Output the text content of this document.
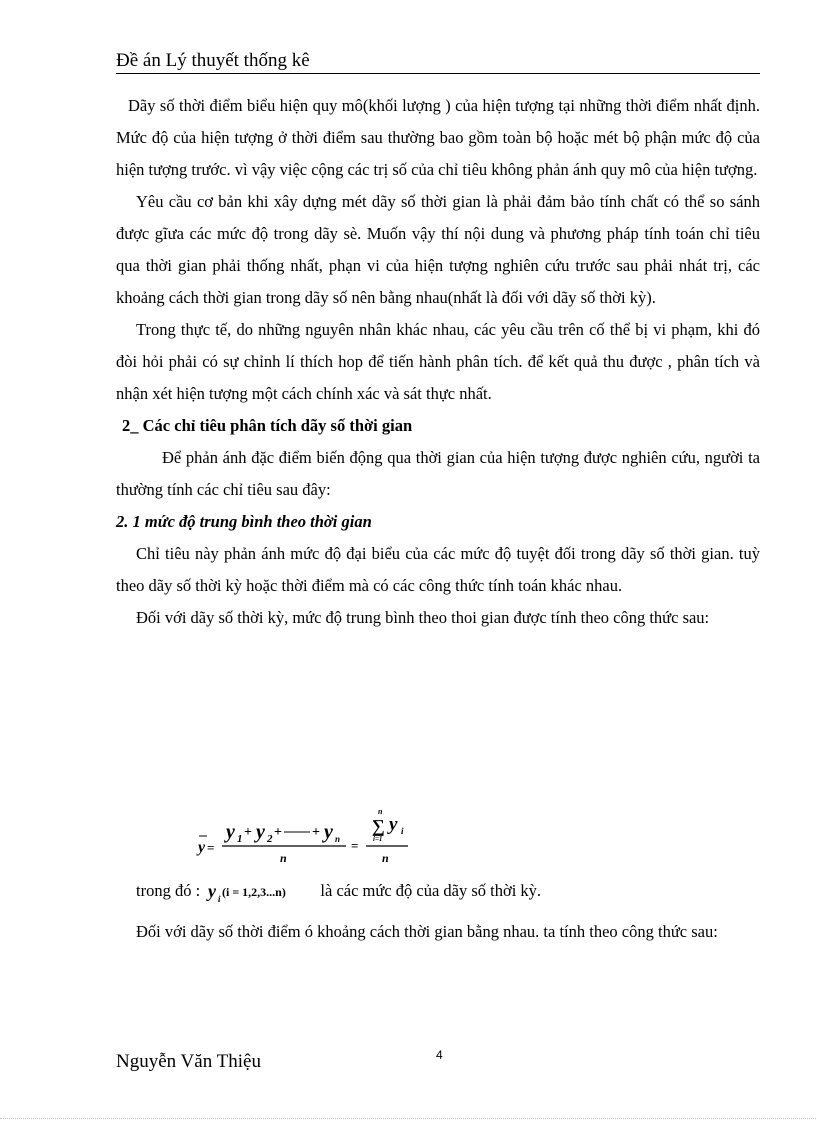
Đề án Lý thuyết thống kê

Dãy số thời điểm biểu hiện quy mô(khối lượng ) của hiện tượng tại những thời điểm nhất định. Mức độ của hiện tượng ở thời điểm sau thường bao gồm toàn bộ hoặc mét bộ phận mức độ của hiện tượng trước. vì vậy việc cộng các trị số của chỉ tiêu không phản ánh quy mô của hiện tượng.

Yêu cầu cơ bản khi xây dựng mét dãy số thời gian là phải đảm bảo tính chất có thể so sánh được gĩưa các mức độ trong dãy sè. Muốn vậy thí nội dung và phương pháp tính toán chỉ tiêu qua thời gian phải thống nhất, phạn vi của hiện tượng nghiên cứu trước sau phải nhát trị, các khoảng cách thời gian trong dãy số nên bằng nhau(nhất là đối với dãy số thời kỳ).

Trong thực tế, do những nguyên nhân khác nhau, các yêu cầu trên cố thể bị vi phạm, khi đó đòi hỏi phải có sự chỉnh lí thích hop để tiến hành phân tích. để kết quả thu được , phân tích và nhận xét hiện tượng một cách chính xác và sát thực nhất.

2_ Các chỉ tiêu phân tích dãy số thời gian

Để phản ánh đặc điểm biến động qua thời gian của hiện tượng được nghiên cứu, người ta thường tính các chỉ tiêu sau đây:

2. 1 mức độ trung bình theo thời gian

Chỉ tiêu này phản ánh mức độ đại biểu của các mức độ tuyệt đối trong dãy số thời gian. tuỳ theo dãy số thời kỳ hoặc thời điểm mà có các công thức tính toán khác nhau.

Đối với dãy số thời kỳ, mức độ trung bình theo thoi gian được tính theo công thức sau:

y =
y 1 + y 2 + + y n
n
=
n
∑
i=1
y i
n
trong đó : y i (i = 1,2,3...n) là các mức độ của dãy số thời kỳ.

Đối với dãy số thời điểm ó khoảng cách thời gian bằng nhau. ta tính theo công thức sau:

Nguyễn Văn Thiệu	4
